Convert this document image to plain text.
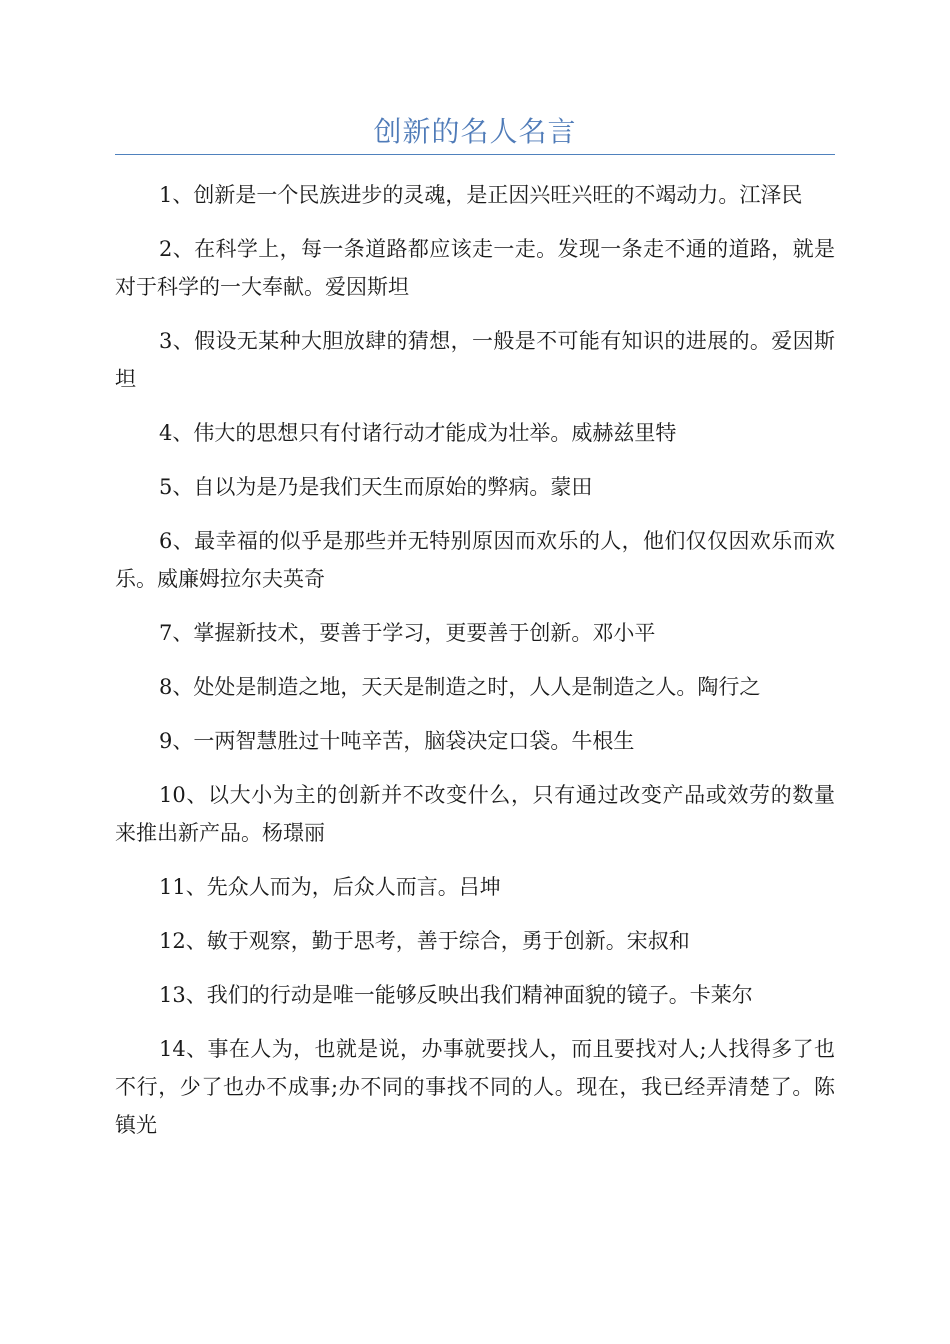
创新的名人名言
1、创新是一个民族进步的灵魂，是正因兴旺兴旺的不竭动力。江泽民
2、在科学上，每一条道路都应该走一走。发现一条走不通的道路，就是对于科学的一大奉献。爱因斯坦
3、假设无某种大胆放肆的猜想，一般是不可能有知识的进展的。爱因斯坦
4、伟大的思想只有付诸行动才能成为壮举。威赫兹里特
5、自以为是乃是我们天生而原始的弊病。蒙田
6、最幸福的似乎是那些并无特别原因而欢乐的人，他们仅仅因欢乐而欢乐。威廉姆拉尔夫英奇
7、掌握新技术，要善于学习，更要善于创新。邓小平
8、处处是制造之地，天天是制造之时，人人是制造之人。陶行之
9、一两智慧胜过十吨辛苦，脑袋决定口袋。牛根生
10、以大小为主的创新并不改变什么，只有通过改变产品或效劳的数量来推出新产品。杨璟丽
11、先众人而为，后众人而言。吕坤
12、敏于观察，勤于思考，善于综合，勇于创新。宋叔和
13、我们的行动是唯一能够反映出我们精神面貌的镜子。卡莱尔
14、事在人为，也就是说，办事就要找人，而且要找对人;人找得多了也不行，少了也办不成事;办不同的事找不同的人。现在，我已经弄清楚了。陈镇光
